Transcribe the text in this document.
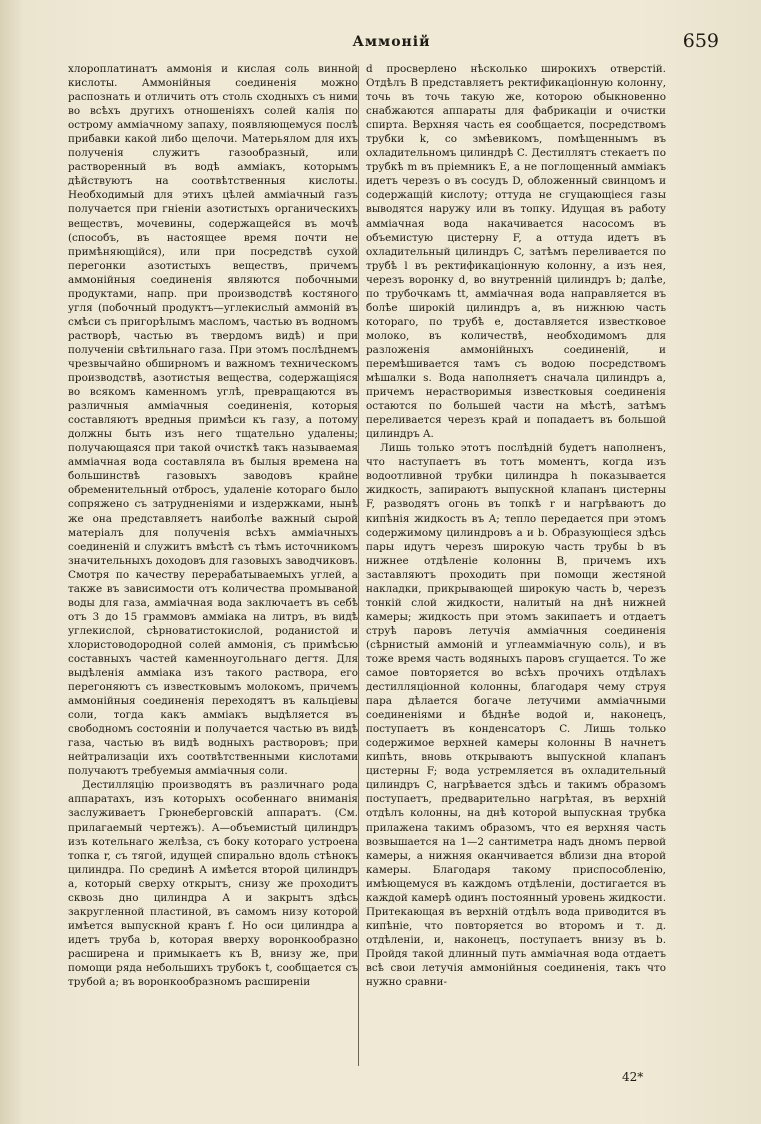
Аммоній	659

хлороплатинатъ аммонія и кислая соль винной кислоты. Аммонійныя соединенія можно распознать и отличить отъ столь сходныхъ съ ними во всѣхъ другихъ отношеніяхъ солей калія по острому аммiачному запаху, появляющемуся послѣ прибавки какой либо щелочи. Матерьялом для ихъ полученія служитъ газообразный, или растворенный въ водѣ аммiакъ, которымъ дѣйствуютъ на соотвѣтственныя кислоты. Необходимый для этихъ цѣлей аммiачный газъ получается при гніеніи азотистыхъ органическихъ веществъ, мочевины, содержащейся въ мочѣ (способъ, въ настоящее время почти не примѣняющійся), или при посредствѣ сухой перегонки азотистыхъ веществъ, причемъ аммонійныя соединенія являются побочными продуктами, напр. при производствѣ костяного угля (побочный продуктъ—углекислый аммоній въ смѣси съ пригорѣлымъ масломъ, частью въ водномъ растворѣ, частью въ твердомъ видѣ) и при полученіи свѣтильнаго газа. При этомъ послѣднемъ чрезвычайно обширномъ и важномъ техническомъ производствѣ, азотистыя вещества, содержащіяся во всякомъ каменномъ углѣ, превращаются въ различныя аммiачныя соединенія, которыя составляютъ вредныя примѣси къ газу, а потому должны быть изъ него тщательно удалены; получающаяся при такой очисткѣ такъ называемая аммiачная вода составляла въ былыя времена на большинствѣ газовыхъ заводовъ крайне обременительный отбросъ, удаленіе котораго было сопряжено съ затрудненіями и издержками, нынѣ же она представляетъ наиболѣе важный сырой матеріалъ для полученія всѣхъ аммiачныхъ соединеній и служитъ вмѣстѣ съ тѣмъ источникомъ значительныхъ доходовъ для газовыхъ заводчиковъ. Смотря по качеству перерабатываемыхъ углей, а также въ зависимости отъ количества промываной воды для газа, аммiачная вода заключаетъ въ себѣ отъ 3 до 15 граммовъ аммiака на литръ, въ видѣ углекислой, сѣрноватистокислой, роданистой и хлористоводородной солей аммонія, съ примѣсью составныхъ частей каменноугольнаго дегтя. Для выдѣленія аммiака изъ такого раствора, его перегоняютъ съ известковымъ молокомъ, причемъ аммонійныя соединенія переходятъ въ кальціевы соли, тогда какъ аммiакъ выдѣляется въ свободномъ состояніи и получается частью въ видѣ газа, частью въ видѣ водныхъ растворовъ; при нейтрализаціи ихъ соотвѣтственными кислотами получаютъ требуемыя аммiачныя соли.

Дестилляцію производятъ въ различнаго рода аппаратахъ, изъ которыхъ особеннаго вниманія заслуживаетъ Грюнеберговскій аппаратъ. (См. прилагаемый чертежъ). А—объемистый цилиндръ изъ котельнаго желѣза, съ боку котораго устроена топка r, съ тягой, идущей спирально вдоль стѣнокъ цилиндра. По срединѣ А имѣется второй цилиндръ a, который сверху открытъ, снизу же проходитъ сквозь дно цилиндра А и закрытъ здѣсь закругленной пластиной, въ самомъ низу которой имѣется выпускной кранъ f. Но оси цилиндра a идетъ труба b, которая вверху воронкообразно расширена и примыкаетъ къ B, внизу же, при помощи ряда небольшихъ трубокъ t, сообщается съ трубой a; въ воронкообразномъ расширеніи

d просверлено нѣсколько широкихъ отверстій. Отдѣлъ B представляетъ ректификаціонную колонну, точь въ точь такую же, которою обыкновенно снабжаются аппараты для фабрикаціи и очистки спирта. Верхняя часть ея сообщается, посредствомъ трубки k, со змѣевикомъ, помѣщеннымъ въ охладительномъ цилиндрѣ C. Дестиллятъ стекаетъ по трубкѣ m въ пріемникъ E, а не поглощенный аммiакъ идетъ черезъ o въ сосудъ D, обложенный свинцомъ и содержащій кислоту; оттуда не сгущающіеся газы выводятся наружу или въ топку. Идущая въ работу аммiачная вода накачивается насосомъ въ объемистую цистерну F, а оттуда идетъ въ охладительный цилиндръ C, затѣмъ переливается по трубѣ l въ ректификаціонную колонну, а изъ нея, черезъ воронку d, во внутренній цилиндръ b; далѣе, по трубочкамъ tt, аммiачная вода направляется въ болѣе широкій цилиндръ a, въ нижнюю часть котораго, по трубѣ e, доставляется известковое молоко, въ количествѣ, необходимомъ для разложенія аммонійныхъ соединеній, и перемѣшивается тамъ съ водою посредствомъ мѣшалки s. Вода наполняетъ сначала цилиндръ a, причемъ нерастворимыя известковыя соединенія остаются по большей части на мѣстѣ, затѣмъ переливается черезъ край и попадаетъ въ большой цилиндръ A.

Лишь только этотъ послѣдній будетъ наполненъ, что наступаетъ въ тотъ моментъ, когда изъ водоотливной трубки цилиндра h показывается жидкость, запираютъ выпускной клапанъ цистерны F, разводятъ огонь въ топкѣ r и нагрѣваютъ до кипѣнія жидкость въ A; тепло передается при этомъ содержимому цилиндровъ a и b. Образующіеся здѣсь пары идутъ черезъ широкую часть трубы b въ нижнее отдѣленіе колонны B, причемъ ихъ заставляютъ проходить при помощи жестяной накладки, прикрывающей широкую часть b, черезъ тонкій слой жидкости, налитый на днѣ нижней камеры; жидкость при этомъ закипаетъ и отдаетъ струѣ паровъ летучія аммiачныя соединенія (сѣрнистый аммоній и углеаммiачную соль), и въ тоже время часть водяныхъ паровъ сгущается. То же самое повторяется во всѣхъ прочихъ отдѣлахъ дестилляціонной колонны, благодаря чему струя пара дѣлается богаче летучими аммiачными соединеніями и бѣднѣе водой и, наконецъ, поступаетъ въ конденсаторъ C. Лишь только содержимое верхней камеры колонны B начнетъ кипѣть, вновь открываютъ выпускной клапанъ цистерны F; вода устремляется въ охладительный цилиндръ C, нагрѣвается здѣсь и такимъ образомъ поступаетъ, предварительно нагрѣтая, въ верхній отдѣлъ колонны, на днѣ которой выпускная трубка прилажена такимъ образомъ, что ея верхняя часть возвышается на 1—2 сантиметра надъ дномъ первой камеры, а нижняя оканчивается вблизи дна второй камеры. Благодаря такому приспособленію, имѣющемуся въ каждомъ отдѣленіи, достигается въ каждой камерѣ одинъ постоянный уровень жидкости. Притекающая въ верхній отдѣлъ вода приводится въ кипѣніе, что повторяется во второмъ и т. д. отдѣленіи, и, наконецъ, поступаетъ внизу въ b. Пройдя такой длинный путь аммiачная вода отдаетъ всѣ свои летучія аммонійныя соединенія, такъ что нужно сравни-

42*
